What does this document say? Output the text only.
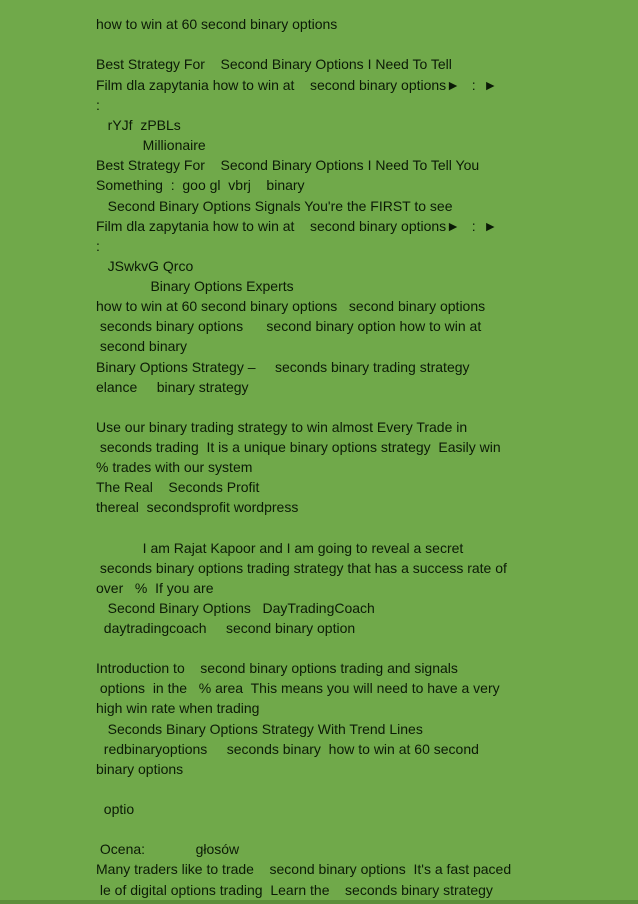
how to win at 60 second binary options
Best Strategy For    Second Binary Options I Need To Tell
Film dla zapytania how to win at    second binary options►   :  ►
:
rYJf  zPBLs
Millionaire
Best Strategy For    Second Binary Options I Need To Tell You
Something  :  goo gl  vbrj    binary
Second Binary Options Signals You're the FIRST to see
Film dla zapytania how to win at    second binary options►   :  ►
:
JSwkvG Qrco
Binary Options Experts
how to win at 60 second binary options   second binary options
seconds binary options      second binary option how to win at
second binary
Binary Options Strategy –     seconds binary trading strategy
elance     binary strategy
Use our binary trading strategy to win almost Every Trade in
seconds trading  It is a unique binary options strategy  Easily win
% trades with our system
The Real    Seconds Profit
thereal  secondsprofit wordpress
I am Rajat Kapoor and I am going to reveal a secret
seconds binary options trading strategy that has a success rate of
over   %  If you are
Second Binary Options   DayTradingCoach
daytradingcoach     second binary option
Introduction to    second binary options trading and signals
options  in the   % area  This means you will need to have a very
high win rate when trading
Seconds Binary Options Strategy With Trend Lines
redbinaryoptions     seconds binary  how to win at 60 second
binary options
optio
Ocena:             głosów
Many traders like to trade    second binary options  It's a fast paced
le of digital options trading  Learn the    seconds binary strategy
